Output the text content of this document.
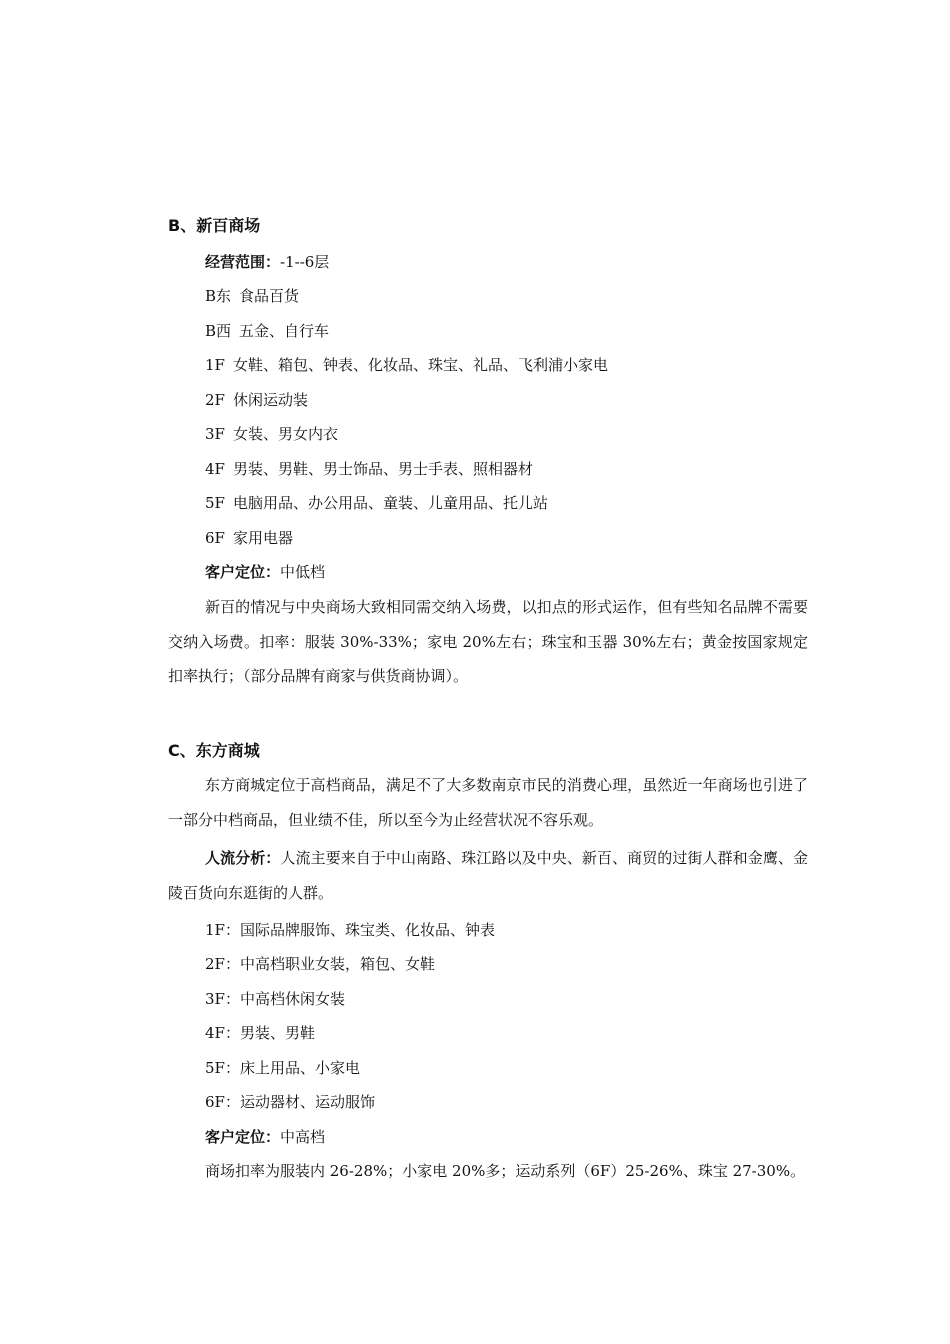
B、新百商场
经营范围：-1--6层
B东 食品百货
B西 五金、自行车
1F 女鞋、箱包、钟表、化妆品、珠宝、礼品、飞利浦小家电
2F 休闲运动装
3F 女装、男女内衣
4F 男装、男鞋、男士饰品、男士手表、照相器材
5F 电脑用品、办公用品、童装、儿童用品、托儿站
6F 家用电器
客户定位：中低档
新百的情况与中央商场大致相同需交纳入场费，以扣点的形式运作，但有些知名品牌不需要交纳入场费。扣率：服装 30%-33%；家电 20%左右；珠宝和玉器 30%左右；黄金按国家规定扣率执行；（部分品牌有商家与供货商协调）。
C、东方商城
东方商城定位于高档商品，满足不了大多数南京市民的消费心理，虽然近一年商场也引进了一部分中档商品，但业绩不佳，所以至今为止经营状况不容乐观。
人流分析：人流主要来自于中山南路、珠江路以及中央、新百、商贸的过街人群和金鹰、金陵百货向东逛街的人群。
1F：国际品牌服饰、珠宝类、化妆品、钟表
2F：中高档职业女装，箱包、女鞋
3F：中高档休闲女装
4F：男装、男鞋
5F：床上用品、小家电
6F：运动器材、运动服饰
客户定位：中高档
商场扣率为服装内 26-28%；小家电 20%多；运动系列（6F）25-26%、珠宝 27-30%。
